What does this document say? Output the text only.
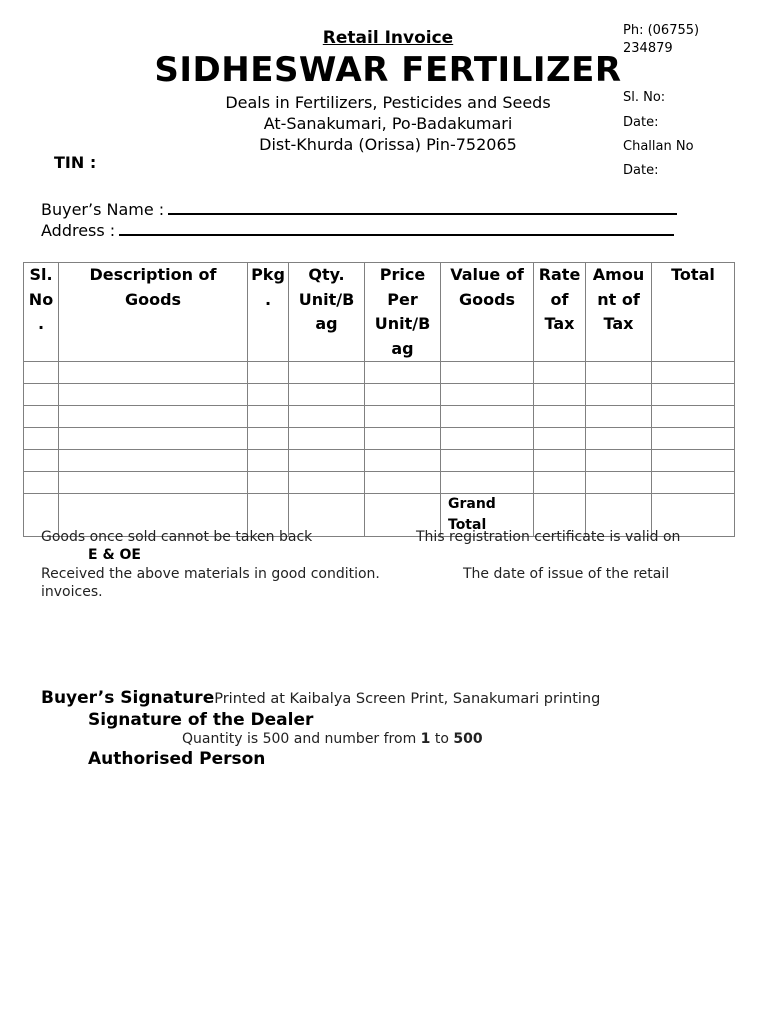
Retail Invoice
SIDHESWAR FERTILIZER
Deals in Fertilizers, Pesticides and Seeds
At-Sanakumari, Po-Badakumari
Dist-Khurda (Orissa) Pin-752065
Ph: (06755)
234879
Sl. No:
Date:
Challan No
Date:
TIN :
Buyer’s Name :
Address :
Sl. No .	Description of Goods	Pkg .	Qty. Unit/B ag	Price Per Unit/B ag	Value of Goods	Rate of Tax	Amou nt of Tax	Total

					Grand Total			

Goods once sold cannot be taken back	This registration certificate is valid on
E & OE
Received the above materials in good condition.	The date of issue of the retail
invoices.
Buyer’s SignaturePrinted at Kaibalya Screen Print, Sanakumari printing
Signature of the Dealer
Quantity is 500 and number from 1 to 500
Authorised Person
